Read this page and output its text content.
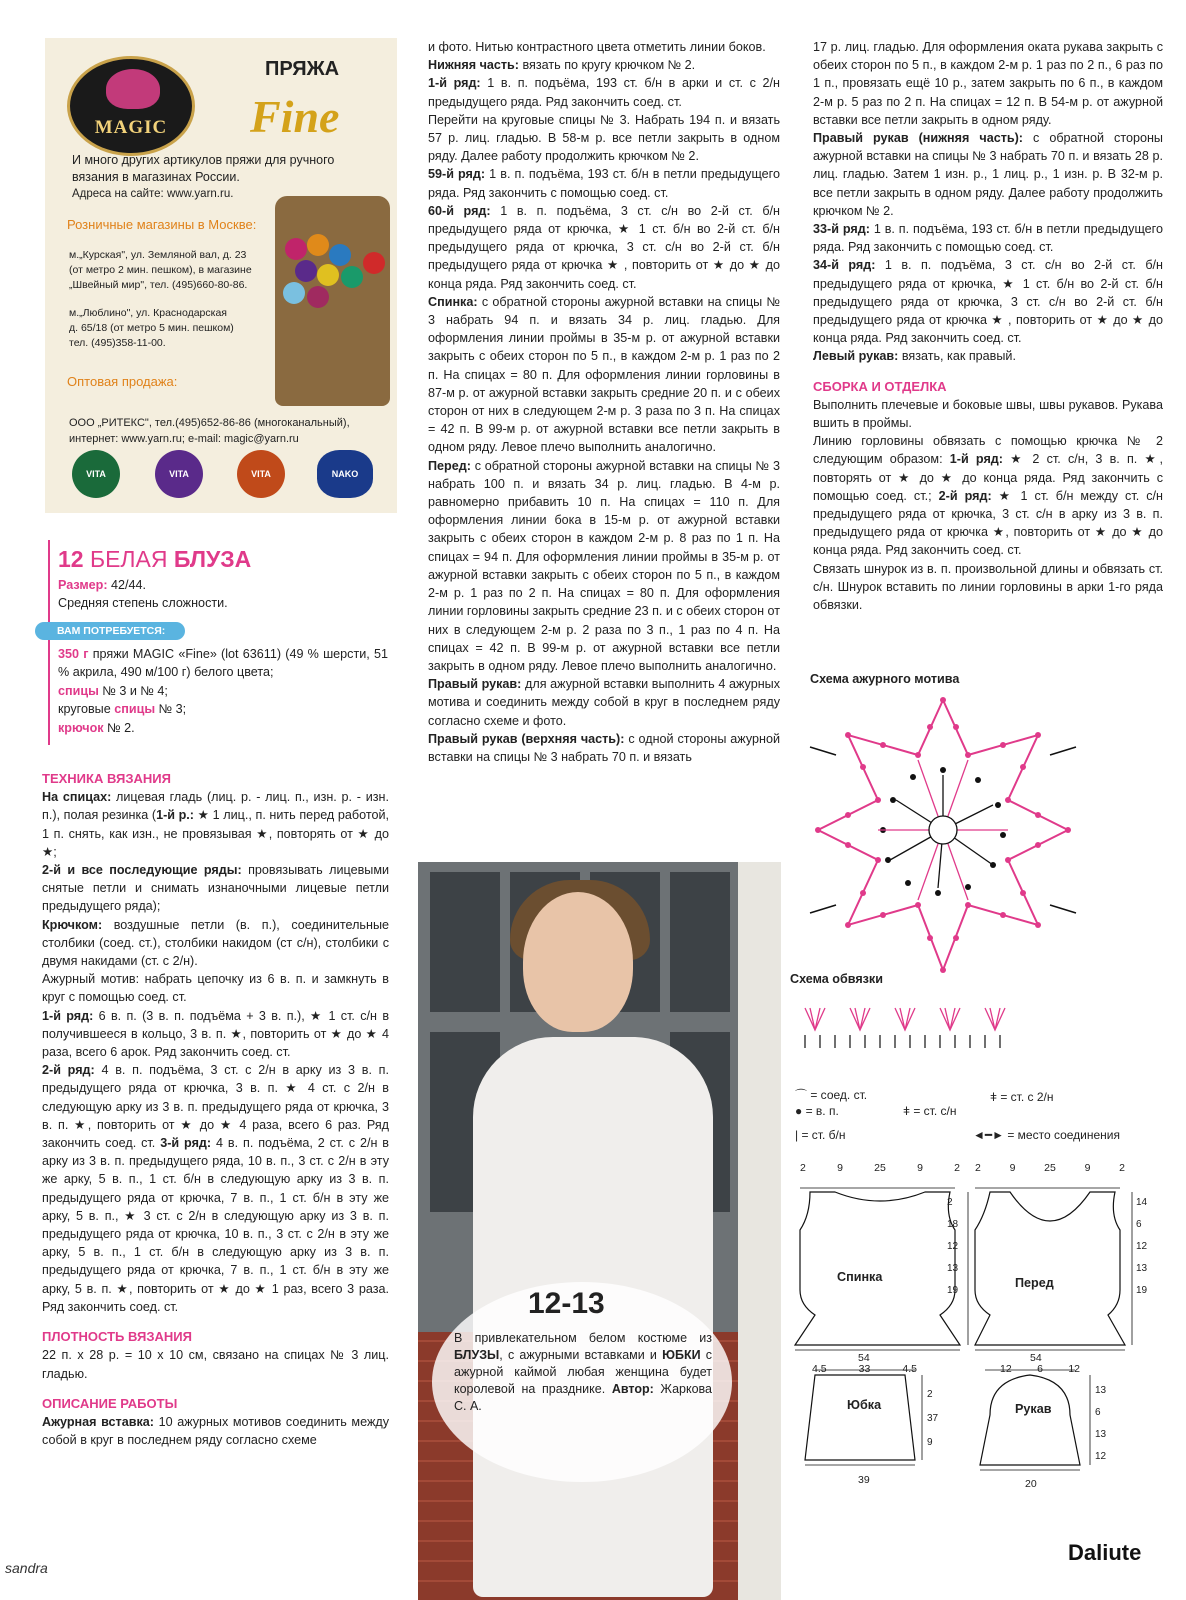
MAGIC
ПРЯЖА
Fine
И много других артикулов пряжи для ручного
вязания в магазинах России.
Адреса на сайте: www.yarn.ru.
Розничные магазины в Москве:
м.„Курская", ул. Земляной вал, д. 23
(от метро 2 мин. пешком), в магазине
„Швейный мир", тел. (495)660-80-86.
м.„Люблино", ул. Краснодарская
д. 65/18 (от метро 5 мин. пешком)
тел. (495)358-11-00.
Оптовая продажа:
ООО „РИТЕКС", тел.(495)652-86-86 (многоканальный),
интернет: www.yarn.ru; e-mail: magic@yarn.ru
VITA	VITA	VITA	NAKO
12 БЕЛАЯ БЛУЗА
Размер: 42/44.
Средняя степень сложности.
ВАМ ПОТРЕБУЕТСЯ:

350 г пряжи MAGIC «Fine» (lot 63611) (49 % шерсти, 51 % акрила, 490 м/100 г) белого цвета;

спицы № 3 и № 4;

круговые спицы № 3;

крючок № 2.

ТЕХНИКА ВЯЗАНИЯ

На спицах: лицевая гладь (лиц. р. - лиц. п., изн. р. - изн. п.), полая резинка (1-й р.: ★ 1 лиц., п. нить перед работой, 1 п. снять, как изн., не провязывая ★, повторять от ★ до ★;

2-й и все последующие ряды: провязывать лицевыми снятые петли и снимать изнаночными лицевые петли предыдущего ряда);

Крючком: воздушные петли (в. п.), соединительные столбики (соед. ст.), столбики накидом (ст с/н), столбики с двумя накидами (ст. с 2/н).

Ажурный мотив: набрать цепочку из 6 в. п. и замкнуть в круг с помощью соед. ст.

1-й ряд: 6 в. п. (3 в. п. подъёма + 3 в. п.), ★ 1 ст. с/н в получившееся в кольцо, 3 в. п. ★, повторить от ★ до ★ 4 раза, всего 6 арок. Ряд закончить соед. ст.

2-й ряд: 4 в. п. подъёма, 3 ст. с 2/н в арку из 3 в. п. предыдущего ряда от крючка, 3 в. п. ★ 4 ст. с 2/н в следующую арку из 3 в. п. предыдущего ряда от крючка, 3 в. п. ★, повторить от ★ до ★ 4 раза, всего 6 раз. Ряд закончить соед. ст. 3-й ряд: 4 в. п. подъёма, 2 ст. с 2/н в арку из 3 в. п. предыдущего ряда, 10 в. п., 3 ст. с 2/н в эту же арку, 5 в. п., 1 ст. б/н в следующую арку из 3 в. п. предыдущего ряда от крючка, 7 в. п., 1 ст. б/н в эту же арку, 5 в. п., ★ 3 ст. с 2/н в следующую арку из 3 в. п. предыдущего ряда от крючка, 10 в. п., 3 ст. с 2/н в эту же арку, 5 в. п., 1 ст. б/н в следующую арку из 3 в. п. предыдущего ряда от крючка, 7 в. п., 1 ст. б/н в эту же арку, 5 в. п. ★, повторить от ★ до ★ 1 раз, всего 3 раза. Ряд закончить соед. ст.

ПЛОТНОСТЬ ВЯЗАНИЯ

22 п. х 28 р. = 10 х 10 см, связано на спицах № 3 лиц. гладью.

ОПИСАНИЕ РАБОТЫ

Ажурная вставка: 10 ажурных мотивов соединить между собой в круг в последнем ряду согласно схеме

и фото. Нитью контрастного цвета отметить линии боков.

Нижняя часть: вязать по кругу крючком № 2.

1-й ряд: 1 в. п. подъёма, 193 ст. б/н в арки и ст. с 2/н предыдущего ряда. Ряд закончить соед. ст.

Перейти на круговые спицы № 3. Набрать 194 п. и вязать 57 р. лиц. гладью. В 58-м р. все петли закрыть в одном ряду. Далее работу продолжить крючком № 2.

59-й ряд: 1 в. п. подъёма, 193 ст. б/н в петли предыдущего ряда. Ряд закончить с помощью соед. ст.

60-й ряд: 1 в. п. подъёма, 3 ст. с/н во 2-й ст. б/н предыдущего ряда от крючка, ★ 1 ст. б/н во 2-й ст. б/н предыдущего ряда от крючка, 3 ст. с/н во 2-й ст. б/н предыдущего ряда от крючка ★ , повторить от ★ до ★ до конца ряда. Ряд закончить соед. ст.

Спинка: с обратной стороны ажурной вставки на спицы № 3 набрать 94 п. и вязать 34 р. лиц. гладью. Для оформления линии проймы в 35-м р. от ажурной вставки закрыть с обеих сторон по 5 п., в каждом 2-м р. 1 раз по 2 п. На спицах = 80 п. Для оформления линии горловины в 87-м р. от ажурной вставки закрыть средние 20 п. и с обеих сторон от них в следующем 2-м р. 3 раза по 3 п. На спицах = 42 п. В 99-м р. от ажурной вставки все петли закрыть в одном ряду. Левое плечо выполнить аналогично.

Перед: с обратной стороны ажурной вставки на спицы № 3 набрать 100 п. и вязать 34 р. лиц. гладью. В 4-м р. равномерно прибавить 10 п. На спицах = 110 п. Для оформления линии бока в 15-м р. от ажурной вставки закрыть с обеих сторон в каждом 2-м р. 8 раз по 1 п. На спицах = 94 п. Для оформления линии проймы в 35-м р. от ажурной вставки закрыть с обеих сторон по 5 п., в каждом 2-м р. 1 раз по 2 п. На спицах = 80 п. Для оформления линии горловины закрыть средние 23 п. и с обеих сторон от них в следующем 2-м р. 2 раза по 3 п., 1 раз по 4 п. На спицах = 42 п. В 99-м р. от ажурной вставки все петли закрыть в одном ряду. Левое плечо выполнить аналогично.

Правый рукав: для ажурной вставки выполнить 4 ажурных мотива и соединить между собой в круг в последнем ряду согласно схеме и фото.

Правый рукав (верхняя часть): с одной стороны ажурной вставки на спицы № 3 набрать 70 п. и вязать

12-13
В привлекательном белом костюме из БЛУЗЫ, с ажурными вставками и ЮБКИ с ажурной каймой любая женщина будет королевой на празднике. Автор: Жаркова С. А.

17 р. лиц. гладью. Для оформления оката рукава закрыть с обеих сторон по 5 п., в каждом 2-м р. 1 раз по 2 п., 6 раз по 1 п., провязать ещё 10 р., затем закрыть по 6 п., в каждом 2-м р. 5 раз по 2 п. На спицах = 12 п. В 54-м р. от ажурной вставки все петли закрыть в одном ряду.

Правый рукав (нижняя часть): с обратной стороны ажурной вставки на спицы № 3 набрать 70 п. и вязать 28 р. лиц. гладью. Затем 1 изн. р., 1 лиц. р., 1 изн. р. В 32-м р. все петли закрыть в одном ряду. Далее работу продолжить крючком № 2.

33-й ряд: 1 в. п. подъёма, 193 ст. б/н в петли предыдущего ряда. Ряд закончить с помощью соед. ст.

34-й ряд: 1 в. п. подъёма, 3 ст. с/н во 2-й ст. б/н предыдущего ряда от крючка, ★ 1 ст. б/н во 2-й ст. б/н предыдущего ряда от крючка, 3 ст. с/н во 2-й ст. б/н предыдущего ряда от крючка ★ , повторить от ★ до ★ до конца ряда. Ряд закончить соед. ст.

Левый рукав: вязать, как правый.

СБОРКА И ОТДЕЛКА

Выполнить плечевые и боковые швы, швы рукавов. Рукава вшить в проймы.

Линию горловины обвязать с помощью крючка № 2 следующим образом: 1-й ряд: ★ 2 ст. с/н, 3 в. п. ★, повторять от ★ до ★ до конца ряда. Ряд закончить с помощью соед. ст.; 2-й ряд: ★ 1 ст. б/н между ст. с/н предыдущего ряда от крючка, 3 ст. с/н в арку из 3 в. п. предыдущего ряда от крючка ★, повторить от ★ до ★ до конца ряда. Ряд закончить соед. ст.

Связать шнурок из в. п. произвольной длины и обвязать ст. с/н. Шнурок вставить по линии горловины в арки 1-го ряда обвязки.

Схема ажурного мотива
Схема обвязки
⌒ = соед. ст.
● = в. п.
| = ст. б/н
ǂ = ст. с/н
ǂ = ст. с 2/н
◄━► = место соединения
Спинка	Перед
Юбка	Рукав
2	9	25	9	2 2	9	25	9	2
2
18
12
13
19
14
6
12
13
19
54	54
4.5	33	4.5
2
37
9
39
12 6 12
13
6
13
12
20
sandra
Daliute
